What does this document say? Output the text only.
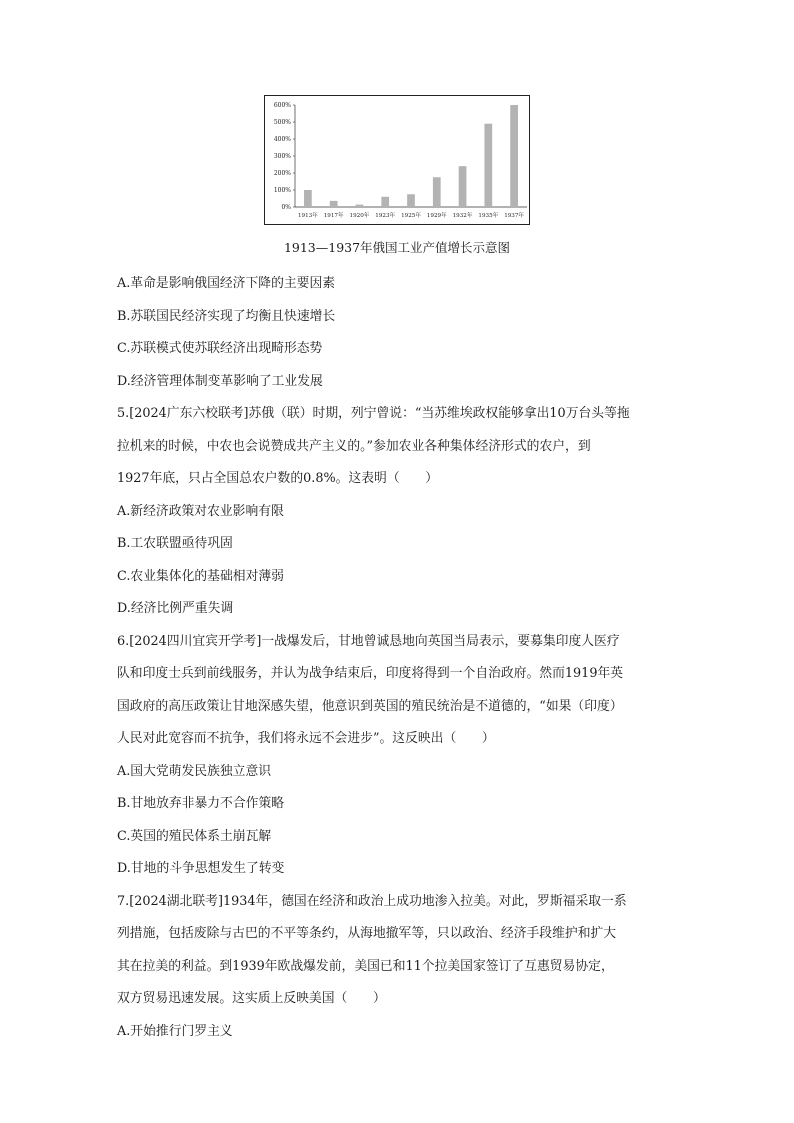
0%
100%
200%
300%
400%
500%
600%
1913年 1917年 1920年 1923年 1925年 1929年 1932年 1935年 1937年
1913—1937年俄国工业产值增长示意图
A.革命是影响俄国经济下降的主要因素
B.苏联国民经济实现了均衡且快速增长
C.苏联模式使苏联经济出现畸形态势
D.经济管理体制变革影响了工业发展
5.[2024广东六校联考]苏俄（联）时期，列宁曾说：“当苏维埃政权能够拿出10万台头等拖
拉机来的时候，中农也会说赞成共产主义的。”参加农业各种集体经济形式的农户，到
1927年底，只占全国总农户数的0.8%。这表明（　　）
A.新经济政策对农业影响有限
B.工农联盟亟待巩固
C.农业集体化的基础相对薄弱
D.经济比例严重失调
6.[2024四川宜宾开学考]一战爆发后，甘地曾诚恳地向英国当局表示，要募集印度人医疗
队和印度士兵到前线服务，并认为战争结束后，印度将得到一个自治政府。然而1919年英
国政府的高压政策让甘地深感失望，他意识到英国的殖民统治是不道德的，“如果（印度）
人民对此宽容而不抗争，我们将永远不会进步”。这反映出（　　）
A.国大党萌发民族独立意识
B.甘地放弃非暴力不合作策略
C.英国的殖民体系土崩瓦解
D.甘地的斗争思想发生了转变
7.[2024湖北联考]1934年，德国在经济和政治上成功地渗入拉美。对此，罗斯福采取一系
列措施，包括废除与古巴的不平等条约，从海地撤军等，只以政治、经济手段维护和扩大
其在拉美的利益。到1939年欧战爆发前，美国已和11个拉美国家签订了互惠贸易协定，
双方贸易迅速发展。这实质上反映美国（　　）
A.开始推行门罗主义
